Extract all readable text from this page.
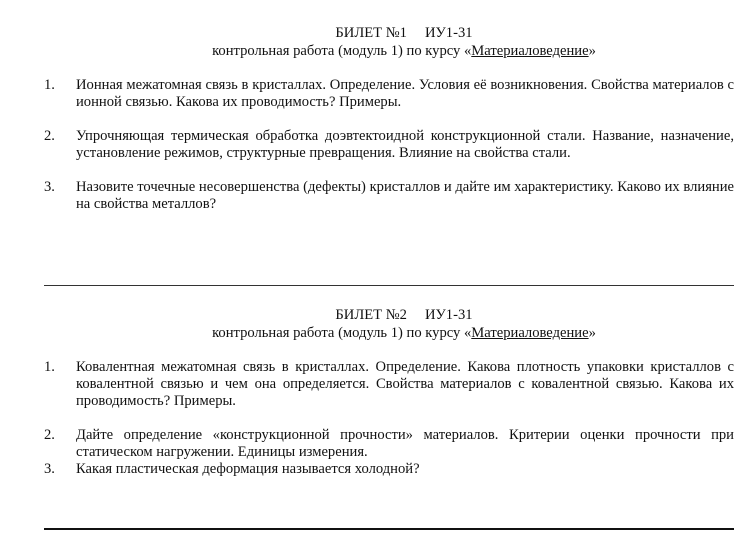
БИЛЕТ №1 ИУ1-31
контрольная работа (модуль 1) по курсу «Материаловедение»
1. Ионная межатомная связь в кристаллах. Определение. Условия её возникновения. Свойства материалов с ионной связью. Какова их проводимость? Примеры.
2. Упрочняющая термическая обработка доэвтектоидной конструкционной стали. Название, назначение, установление режимов, структурные превращения. Влияние на свойства стали.
3. Назовите точечные несовершенства (дефекты) кристаллов и дайте им характеристику. Каково их влияние на свойства металлов?
БИЛЕТ №2 ИУ1-31
контрольная работа (модуль 1) по курсу «Материаловедение»
1. Ковалентная межатомная связь в кристаллах. Определение. Какова плотность упаковки кристаллов с ковалентной связью и чем она определяется. Свойства материалов с ковалентной связью. Какова их проводимость? Примеры.
2. Дайте определение «конструкционной прочности» материалов. Критерии оценки прочности при статическом нагружении. Единицы измерения.
3. Какая пластическая деформация называется холодной?
